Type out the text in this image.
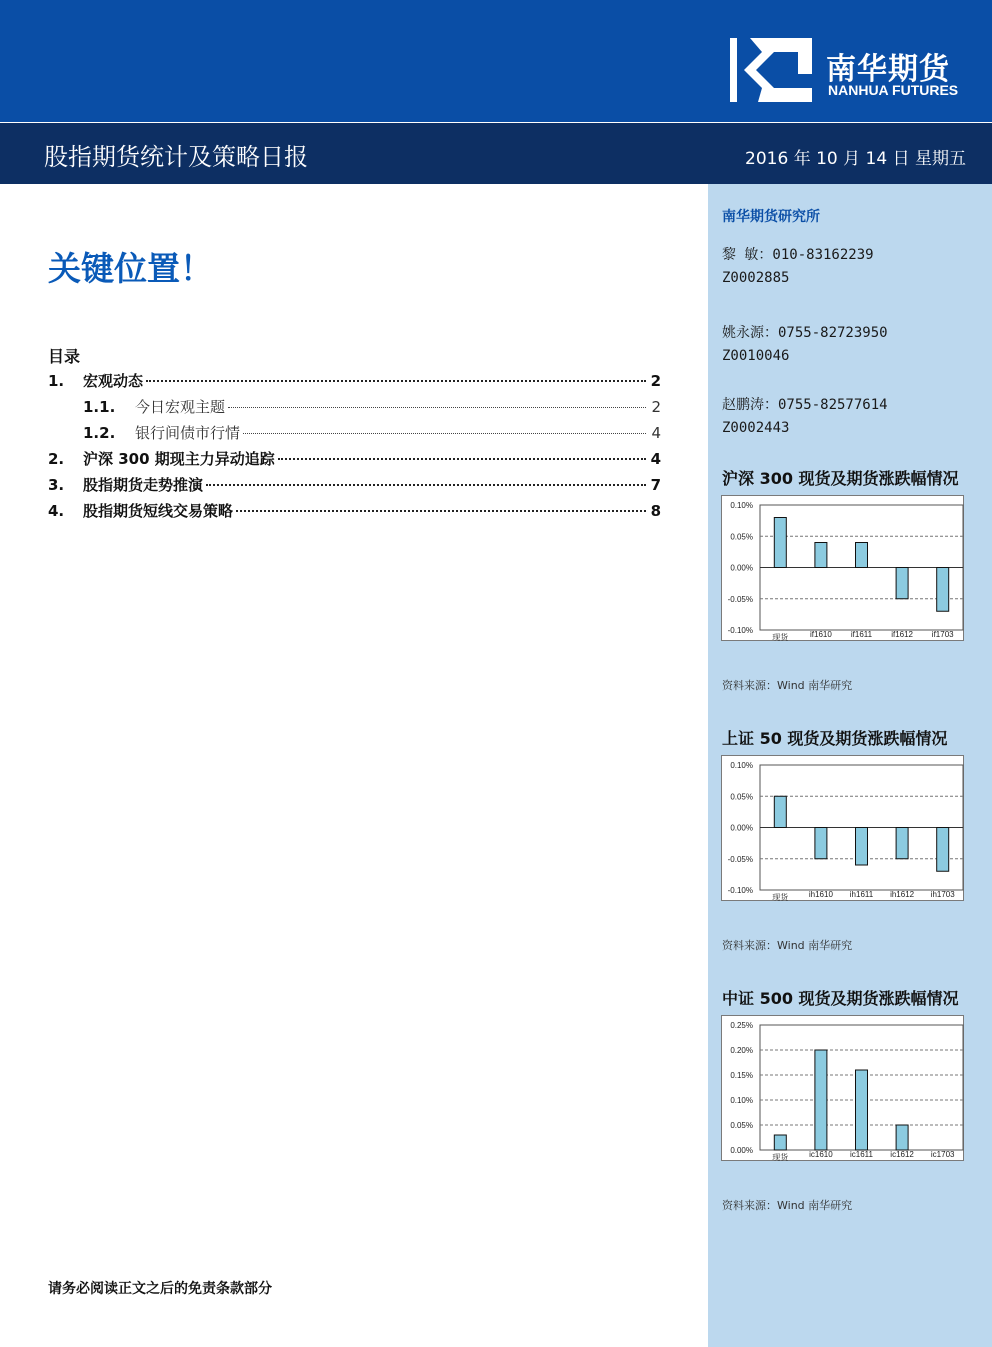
南华期货
NANHUA FUTURES
股指期货统计及策略日报	2016 年 10 月 14 日 星期五
南华期货研究所
黎 敏：010-83162239
Z0002885
姚永源：0755-82723950
Z0010046
赵鹏涛：0755-82577614
Z0002443
沪深 300 现货及期货涨跌幅情况
0.10%
0.05%
0.00%
-0.05%
-0.10%
现货	if1610 if1611 if1612 if1703
资料来源：Wind 南华研究
上证 50 现货及期货涨跌幅情况
0.10%
0.05%
0.00%
-0.05%
-0.10%
现货	ih1610 ih1611 ih1612 ih1703
资料来源：Wind 南华研究
中证 500 现货及期货涨跌幅情况
0.25%
0.20%
0.15%
0.10%
0.05%
0.00%
现货	ic1610 ic1611 ic1612 ic1703
资料来源：Wind 南华研究
关键位置！
目录
1.	宏观动态	2
1.1.	今日宏观主题	2
1.2.	银行间债市行情	4
2.	沪深 300 期现主力异动追踪	4
3.	股指期货走势推演	7
4.	股指期货短线交易策略	8
请务必阅读正文之后的免责条款部分
